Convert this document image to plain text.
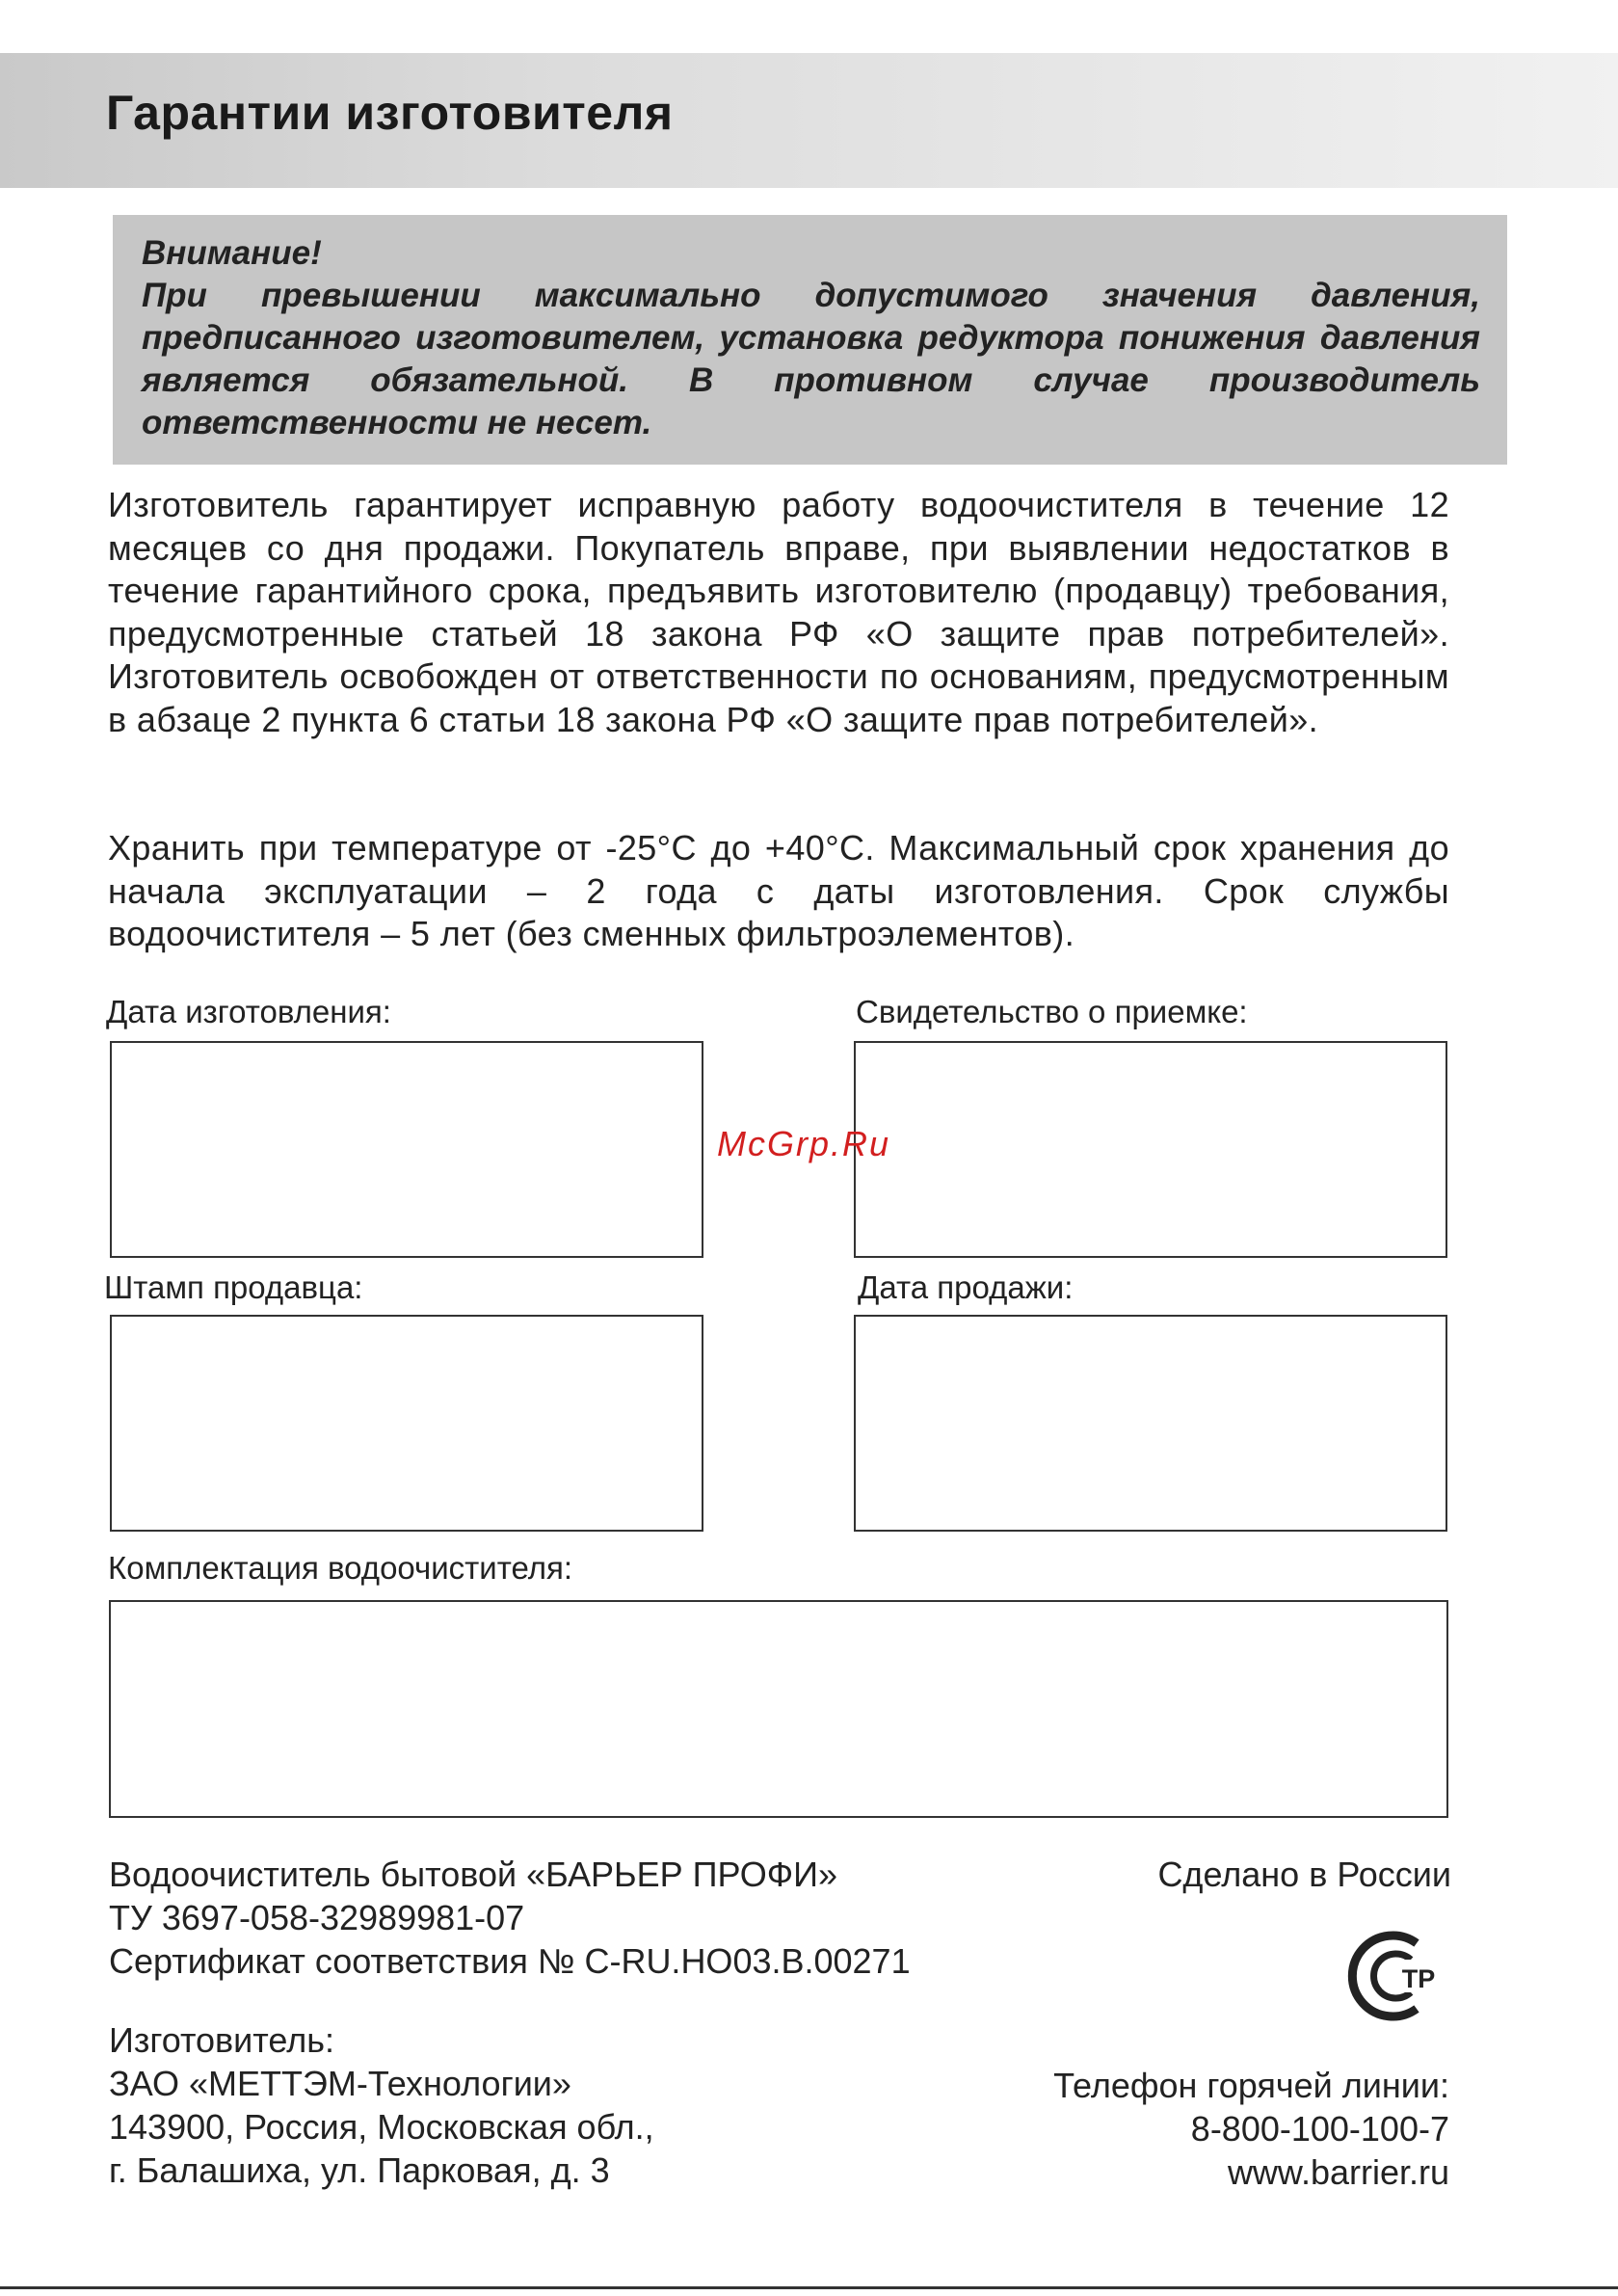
Гарантии изготовителя
Внимание!
При превышении максимально допустимого значения давления, предписанного изготовителем, установка редуктора понижения давления является обязательной. В противном случае производитель ответственности не несет.
Изготовитель гарантирует исправную работу водоочистителя в течение 12 месяцев со дня продажи. Покупатель вправе, при выявлении недостатков в течение гарантийного срока, предъявить изготовителю (продавцу) требования, предусмотренные статьей 18 закона РФ «О защите прав потребителей». Изготовитель освобожден от ответственности по основаниям, предусмотренным в абзаце 2 пункта 6 статьи 18 закона РФ «О защите прав потребителей».
Хранить при температуре от -25°C до +40°C. Максимальный срок хранения до начала эксплуатации – 2 года с даты изготовления. Срок службы водоочистителя – 5 лет (без сменных фильтроэлементов).
Дата изготовления:	Свидетельство о приемке:
McGrp.Ru
Штамп продавца:	Дата продажи:
Комплектация водоочистителя:
Водоочиститель бытовой «БАРЬЕР ПРОФИ»
ТУ 3697-058-32989981-07
Сертификат соответствия № С-RU.НО03.В.00271
Сделано в России
ТР
Изготовитель:
ЗАО «МЕТТЭМ-Технологии»
143900, Россия, Московская обл.,
г. Балашиха, ул. Парковая, д. 3
Телефон горячей линии:
8-800-100-100-7
www.barrier.ru
